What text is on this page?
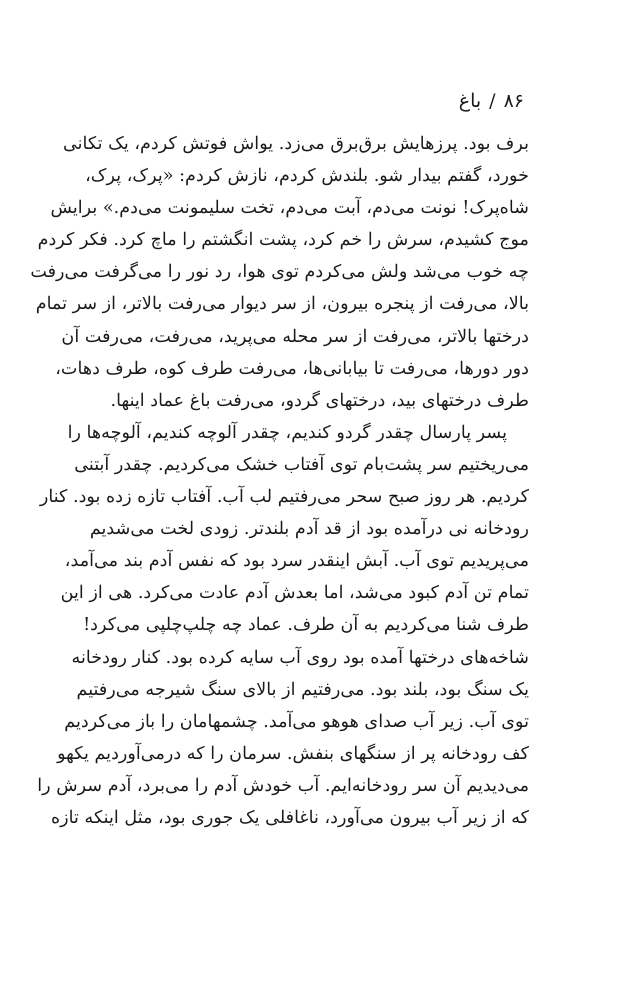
۸۶
/
باغ
برف بود. پرزهایش برق‌برق می‌زد. یواش فوتش کردم، یک تکانی
خورد، گفتم بیدار شو. بلندش کردم، نازش کردم: «پرک، پرک،
شاه‌پرک! نونت می‌دم، آبت می‌دم، تخت سلیمونت می‌دم.» برایش
موج کشیدم، سرش را خم کرد، پشت انگشتم را ماچ کرد. فکر کردم
چه خوب می‌شد ولش می‌کردم توی هوا، رد نور را می‌گرفت می‌رفت
بالا، می‌رفت از پنجره بیرون، از سر دیوار می‌رفت بالاتر، از سر تمام
درختها بالاتر، می‌رفت از سر محله می‌پرید، می‌رفت، می‌رفت آن
دور دورها، می‌رفت تا بیابانی‌ها، می‌رفت طرف کوه، طرف دهات،
طرف درختهای بید، درختهای گردو، می‌رفت باغ عماد اینها.
پسر پارسال چقدر گردو کندیم، چقدر آلوچه کندیم، آلوچه‌ها را
می‌ریختیم سر پشت‌بام توی آفتاب خشک می‌کردیم. چقدر آبتنی
کردیم. هر روز صبح سحر می‌رفتیم لب آب. آفتاب تازه زده بود. کنار
رودخانه نی درآمده بود از قد آدم بلندتر. زودی لخت می‌شدیم
می‌پریدیم توی آب. آبش اینقدر سرد بود که نفس آدم بند می‌آمد،
تمام تن آدم کبود می‌شد، اما بعدش آدم عادت می‌کرد. هی از این
طرف شنا می‌کردیم به آن طرف. عماد چه چلپ‌چلپی می‌کرد!
شاخه‌های درختها آمده بود روی آب سایه کرده بود. کنار رودخانه
یک سنگ بود، بلند بود. می‌رفتیم از بالای سنگ شیرجه می‌رفتیم
توی آب. زیر آب صدای هوهو می‌آمد. چشمهامان را باز می‌کردیم
کف رودخانه پر از سنگهای بنفش. سرمان را که درمی‌آوردیم یکهو
می‌دیدیم آن سر رودخانه‌ایم. آب خودش آدم را می‌برد، آدم سرش را
که از زیر آب بیرون می‌آورد، ناغافلی یک جوری بود، مثل اینکه تازه
